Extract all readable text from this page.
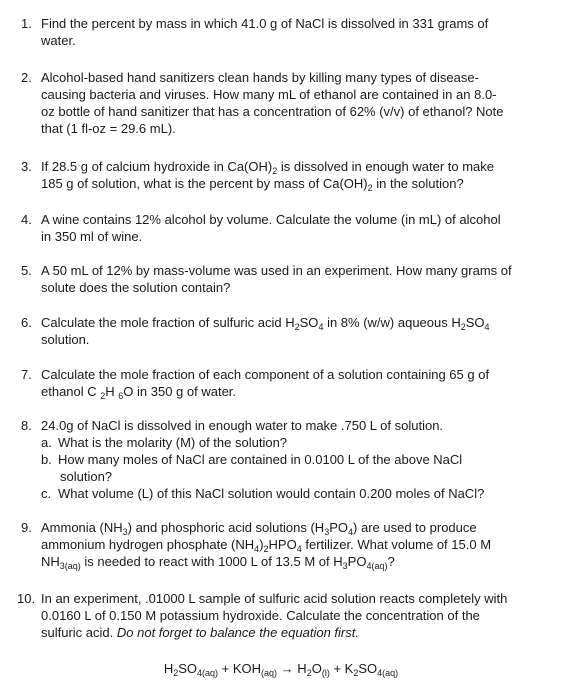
1. Find the percent by mass in which 41.0 g of NaCl is dissolved in 331 grams of
water.
2. Alcohol-based hand sanitizers clean hands by killing many types of disease-
causing bacteria and viruses. How many mL of ethanol are contained in an 8.0-
oz bottle of hand sanitizer that has a concentration of 62% (v/v) of ethanol? Note
that (1 fl-oz = 29.6 mL).
3. If 28.5 g of calcium hydroxide in $Ca(OH)_2$ is dissolved in enough water to make
185 g of solution, what is the percent by mass of $Ca(OH)_2$ in the solution?
4. A wine contains 12% alcohol by volume. Calculate the volume (in mL) of alcohol
in 350 ml of wine.
5. A 50 mL of 12% by mass-volume was used in an experiment. How many grams of
solute does the solution contain?
6. Calculate the mole fraction of sulfuric acid $H_2SO_4$ in 8% (w/w) aqueous $H_2SO_4$
solution.
7. Calculate the mole fraction of each component of a solution containing 65 g of
ethanol C $_2$H $_6$O in 350 g of water.
8. 24.0g of NaCl is dissolved in enough water to make .750 L of solution.
a. What is the molarity (M) of the solution?
b. How many moles of NaCl are contained in 0.0100 L of the above NaCl
solution?
c. What volume (L) of this NaCl solution would contain 0.200 moles of NaCl?
9. Ammonia $(NH_3)$ and phosphoric acid solutions $(H_3PO_4)$ are used to produce
ammonium hydrogen phosphate $(NH_4)_2HPO_4$ fertilizer. What volume of 15.0 M
$NH_{3(aq)}$ is needed to react with 1000 L of 13.5 M of $H_3PO_{4(aq)}$?
10. In an experiment, .01000 L sample of sulfuric acid solution reacts completely with
0.0160 L of 0.150 M potassium hydroxide. Calculate the concentration of the
sulfuric acid. Do not forget to balance the equation first.
$H_2SO_{4(aq)} + KOH_{(aq)} \to H_2O_{(l)} + K_2SO_{4(aq)}$
